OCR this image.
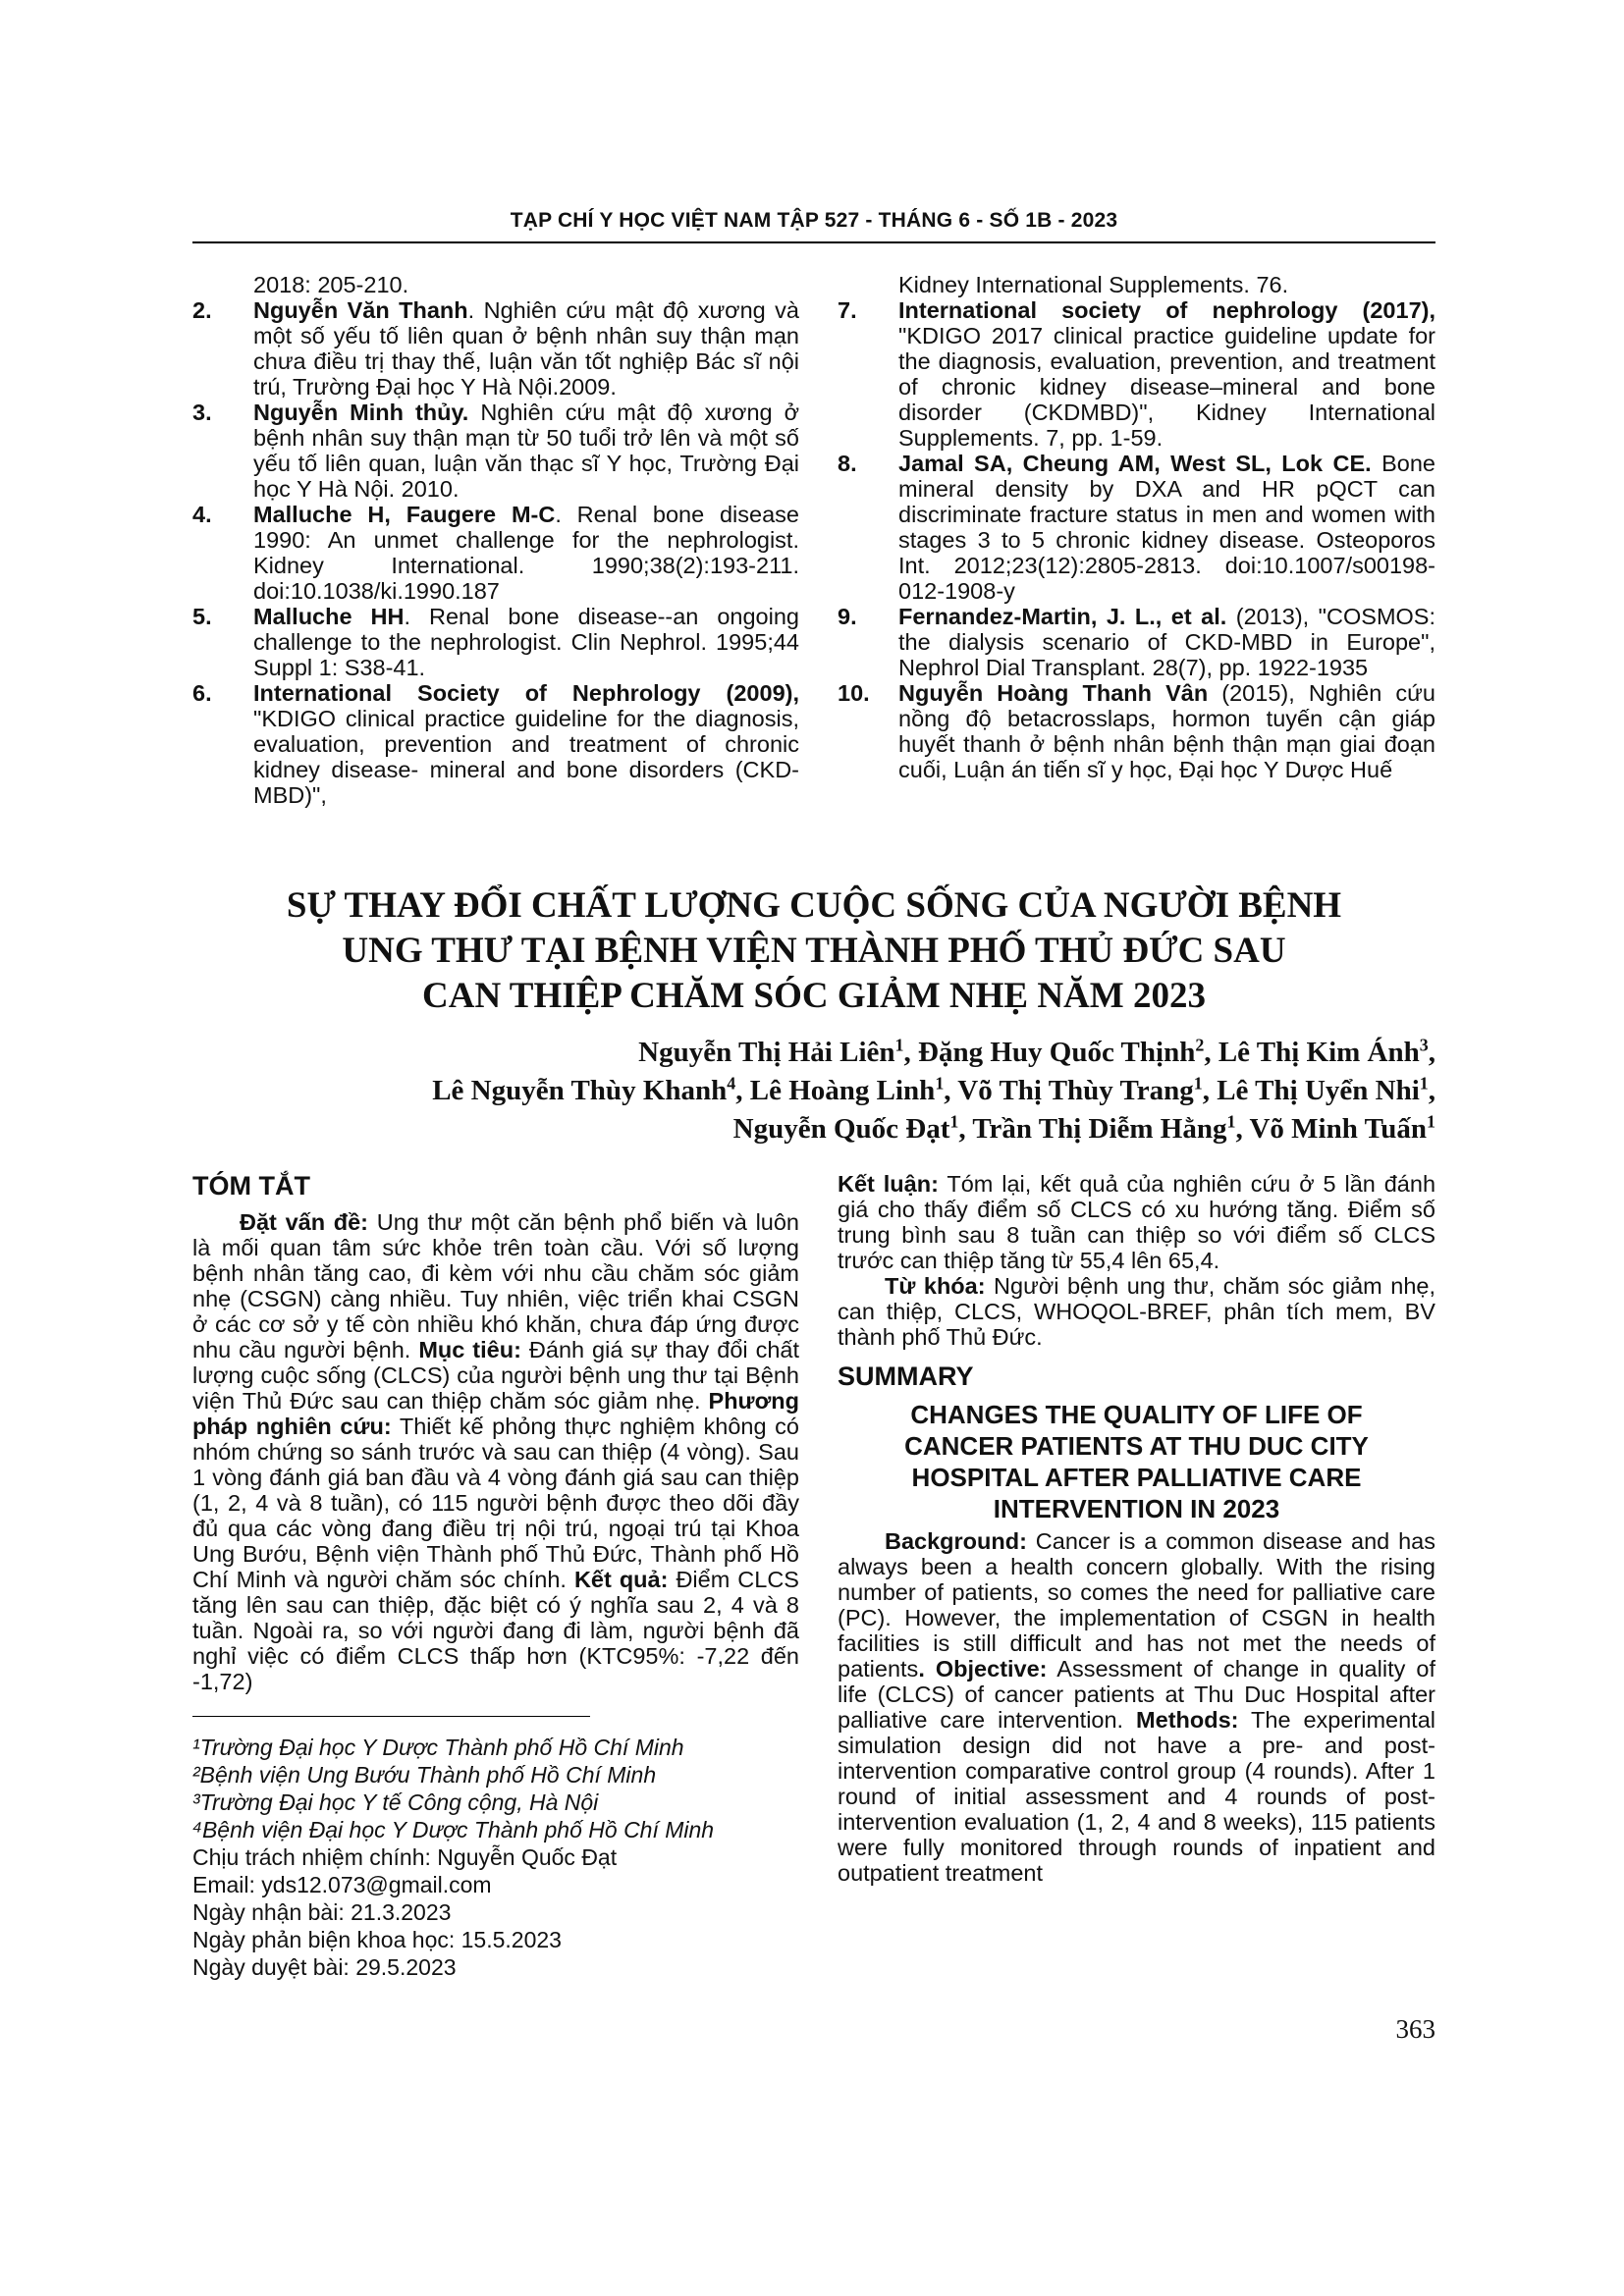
TẠP CHÍ Y HỌC VIỆT NAM TẬP 527 - THÁNG 6 - SỐ 1B - 2023
2018: 205-210.
2. Nguyễn Văn Thanh. Nghiên cứu mật độ xương và một số yếu tố liên quan ở bệnh nhân suy thận mạn chưa điều trị thay thế, luận văn tốt nghiệp Bác sĩ nội trú, Trường Đại học Y Hà Nội.2009.
3. Nguyễn Minh thủy. Nghiên cứu mật độ xương ở bệnh nhân suy thận mạn từ 50 tuổi trở lên và một số yếu tố liên quan, luận văn thạc sĩ Y học, Trường Đại học Y Hà Nội. 2010.
4. Malluche H, Faugere M-C. Renal bone disease 1990: An unmet challenge for the nephrologist. Kidney International. 1990;38(2):193-211. doi:10.1038/ki.1990.187
5. Malluche HH. Renal bone disease--an ongoing challenge to the nephrologist. Clin Nephrol. 1995;44 Suppl 1: S38-41.
6. International Society of Nephrology (2009), "KDIGO clinical practice guideline for the diagnosis, evaluation, prevention and treatment of chronic kidney disease- mineral and bone disorders (CKD-MBD)",
Kidney International Supplements. 76.
7. International society of nephrology (2017), "KDIGO 2017 clinical practice guideline update for the diagnosis, evaluation, prevention, and treatment of chronic kidney disease–mineral and bone disorder (CKDMBD)", Kidney International Supplements. 7, pp. 1-59.
8. Jamal SA, Cheung AM, West SL, Lok CE. Bone mineral density by DXA and HR pQCT can discriminate fracture status in men and women with stages 3 to 5 chronic kidney disease. Osteoporos Int. 2012;23(12):2805-2813. doi:10.1007/s00198-012-1908-y
9. Fernandez-Martin, J. L., et al. (2013), "COSMOS: the dialysis scenario of CKD-MBD in Europe", Nephrol Dial Transplant. 28(7), pp. 1922-1935
10. Nguyễn Hoàng Thanh Vân (2015), Nghiên cứu nồng độ betacrosslaps, hormon tuyến cận giáp huyết thanh ở bệnh nhân bệnh thận mạn giai đoạn cuối, Luận án tiến sĩ y học, Đại học Y Dược Huế
SỰ THAY ĐỔI CHẤT LƯỢNG CUỘC SỐNG CỦA NGƯỜI BỆNH
UNG THƯ TẠI BỆNH VIỆN THÀNH PHỐ THỦ ĐỨC SAU
CAN THIỆP CHĂM SÓC GIẢM NHẸ NĂM 2023
Nguyễn Thị Hải Liên$^1$, Đặng Huy Quốc Thịnh$^2$, Lê Thị Kim Ánh$^3$,
Lê Nguyễn Thùy Khanh$^4$, Lê Hoàng Linh$^1$, Võ Thị Thùy Trang$^1$, Lê Thị Uyển Nhi$^1$,
Nguyễn Quốc Đạt$^1$, Trần Thị Diễm Hằng$^1$, Võ Minh Tuấn$^1$
TÓM TẮT
Đặt vấn đề: Ung thư một căn bệnh phổ biến và luôn là mối quan tâm sức khỏe trên toàn cầu. Với số lượng bệnh nhân tăng cao, đi kèm với nhu cầu chăm sóc giảm nhẹ (CSGN) càng nhiều. Tuy nhiên, việc triển khai CSGN ở các cơ sở y tế còn nhiều khó khăn, chưa đáp ứng được nhu cầu người bệnh. Mục tiêu: Đánh giá sự thay đổi chất lượng cuộc sống (CLCS) của người bệnh ung thư tại Bệnh viện Thủ Đức sau can thiệp chăm sóc giảm nhẹ. Phương pháp nghiên cứu: Thiết kế phỏng thực nghiệm không có nhóm chứng so sánh trước và sau can thiệp (4 vòng). Sau 1 vòng đánh giá ban đầu và 4 vòng đánh giá sau can thiệp (1, 2, 4 và 8 tuần), có 115 người bệnh được theo dõi đầy đủ qua các vòng đang điều trị nội trú, ngoại trú tại Khoa Ung Bướu, Bệnh viện Thành phố Thủ Đức, Thành phố Hồ Chí Minh và người chăm sóc chính. Kết quả: Điểm CLCS tăng lên sau can thiệp, đặc biệt có ý nghĩa sau 2, 4 và 8 tuần. Ngoài ra, so với người đang đi làm, người bệnh đã nghỉ việc có điểm CLCS thấp hơn (KTC95%: -7,22 đến -1,72)
Kết luận: Tóm lại, kết quả của nghiên cứu ở 5 lần đánh giá cho thấy điểm số CLCS có xu hướng tăng. Điểm số trung bình sau 8 tuần can thiệp so với điểm số CLCS trước can thiệp tăng từ 55,4 lên 65,4.
Từ khóa: Người bệnh ung thư, chăm sóc giảm nhẹ, can thiệp, CLCS, WHOQOL-BREF, phân tích mem, BV thành phố Thủ Đức.
SUMMARY
CHANGES THE QUALITY OF LIFE OF
CANCER PATIENTS AT THU DUC CITY
HOSPITAL AFTER PALLIATIVE CARE
INTERVENTION IN 2023
Background: Cancer is a common disease and has always been a health concern globally. With the rising number of patients, so comes the need for palliative care (PC). However, the implementation of CSGN in health facilities is still difficult and has not met the needs of patients. Objective: Assessment of change in quality of life (CLCS) of cancer patients at Thu Duc Hospital after palliative care intervention. Methods: The experimental simulation design did not have a pre- and post-intervention comparative control group (4 rounds). After 1 round of initial assessment and 4 rounds of post-intervention evaluation (1, 2, 4 and 8 weeks), 115 patients were fully monitored through rounds of inpatient and outpatient treatment
¹Trường Đại học Y Dược Thành phố Hồ Chí Minh
²Bệnh viện Ung Bướu Thành phố Hồ Chí Minh
³Trường Đại học Y tế Công cộng, Hà Nội
⁴Bệnh viện Đại học Y Dược Thành phố Hồ Chí Minh
Chịu trách nhiệm chính: Nguyễn Quốc Đạt
Email: yds12.073@gmail.com
Ngày nhận bài: 21.3.2023
Ngày phản biện khoa học: 15.5.2023
Ngày duyệt bài: 29.5.2023
363
